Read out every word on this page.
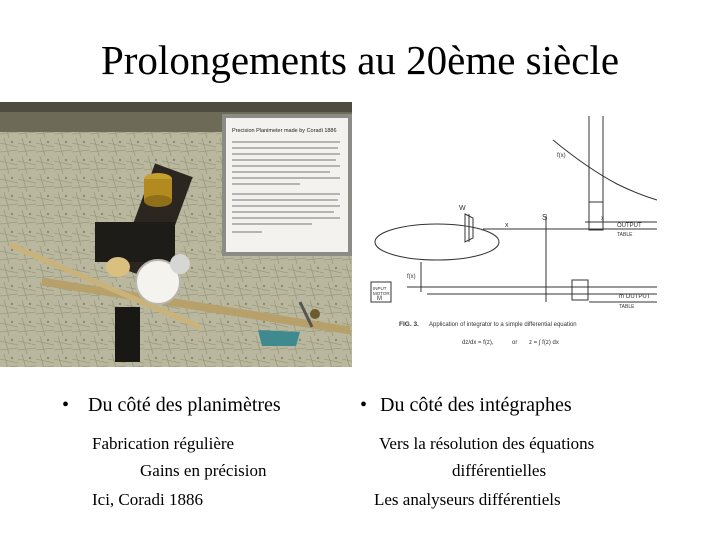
Prolongements au 20ème siècle
Precision Planimeter made by Coradi 1886
f(x)
W
x
S	x
OUTPUT
TABLE
f(x)
INPUT
MOTOR
M	m OUTPUT
TABLE
FIG. 3. Application of integrator to a simple differential equation
dz/dx = f(z),	or z = ∫ f(z) dx
• Du côté des planimètres
Fabrication régulière
Gains en précision
Ici, Coradi 1886
• Du côté des intégraphes
Vers la résolution des équations
différentielles
Les analyseurs différentiels
